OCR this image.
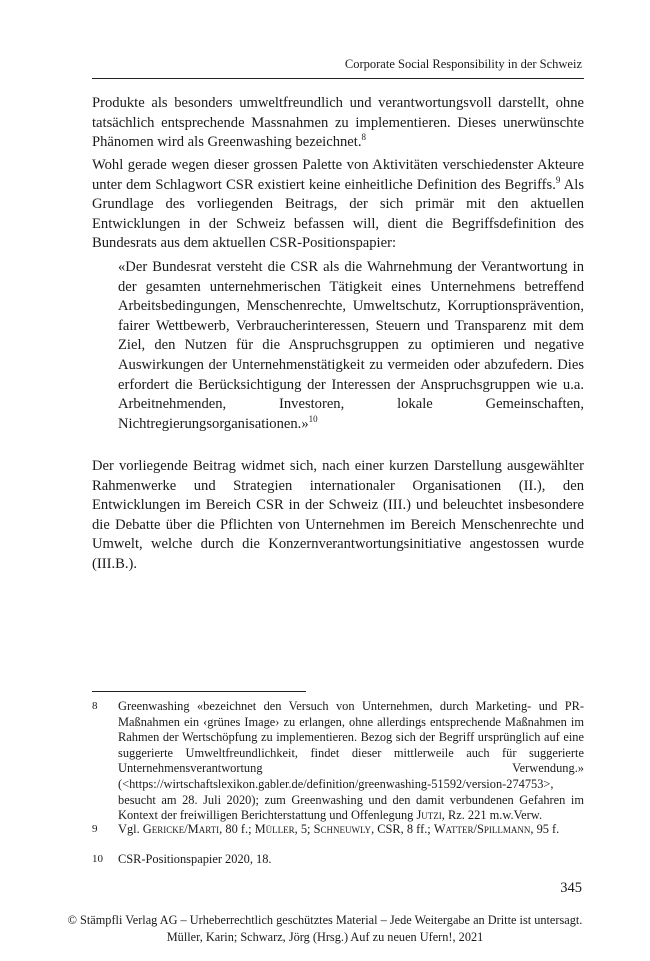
Corporate Social Responsibility in der Schweiz

Produkte als besonders umweltfreundlich und verantwortungsvoll darstellt, ohne tatsächlich entsprechende Massnahmen zu implementieren. Dieses unerwünschte Phänomen wird als Greenwashing bezeichnet.$^8$

Wohl gerade wegen dieser grossen Palette von Aktivitäten verschiedenster Akteure unter dem Schlagwort CSR existiert keine einheitliche Definition des Begriffs.$^9$ Als Grundlage des vorliegenden Beitrags, der sich primär mit den aktuellen Entwicklungen in der Schweiz befassen will, dient die Begriffsdefinition des Bundesrats aus dem aktuellen CSR-Positionspapier:

«Der Bundesrat versteht die CSR als die Wahrnehmung der Verantwortung in der gesamten unternehmerischen Tätigkeit eines Unternehmens betreffend Arbeitsbedingungen, Menschenrechte, Umweltschutz, Korruptionsprävention, fairer Wettbewerb, Verbraucherinteressen, Steuern und Transparenz mit dem Ziel, den Nutzen für die Anspruchsgruppen zu optimieren und negative Auswirkungen der Unternehmenstätigkeit zu vermeiden oder abzufedern. Dies erfordert die Berücksichtigung der Interessen der Anspruchsgruppen wie u.a. Arbeitnehmenden, Investoren, lokale Gemeinschaften, Nichtregierungsorganisationen.»$^{10}$

Der vorliegende Beitrag widmet sich, nach einer kurzen Darstellung ausgewählter Rahmenwerke und Strategien internationaler Organisationen (II.), den Entwicklungen im Bereich CSR in der Schweiz (III.) und beleuchtet insbesondere die Debatte über die Pflichten von Unternehmen im Bereich Menschenrechte und Umwelt, welche durch die Konzernverantwortungsinitiative angestossen wurde (III.B.).

8	Greenwashing «bezeichnet den Versuch von Unternehmen, durch Marketing- und PR-Maßnahmen ein ‹grünes Image› zu erlangen, ohne allerdings entsprechende Maßnahmen im Rahmen der Wertschöpfung zu implementieren. Bezog sich der Begriff ursprünglich auf eine suggerierte Umweltfreundlichkeit, findet dieser mittlerweile auch für suggerierte Unternehmensverantwortung Verwendung.» (<https://wirtschaftslexikon.gabler.de/definition/greenwashing-51592/version-274753>, besucht am 28. Juli 2020); zum Greenwashing und den damit verbundenen Gefahren im Kontext der freiwilligen Berichterstattung und Offenlegung Jutzi, Rz. 221 m.w.Verw.
9	Vgl. Gericke/Marti, 80 f.; Müller, 5; Schneuwly, CSR, 8 ff.; Watter/Spillmann, 95 f.
10	CSR-Positionspapier 2020, 18.
345
© Stämpfli Verlag AG – Urheberrechtlich geschütztes Material – Jede Weitergabe an Dritte ist untersagt.
Müller, Karin; Schwarz, Jörg (Hrsg.) Auf zu neuen Ufern!, 2021
